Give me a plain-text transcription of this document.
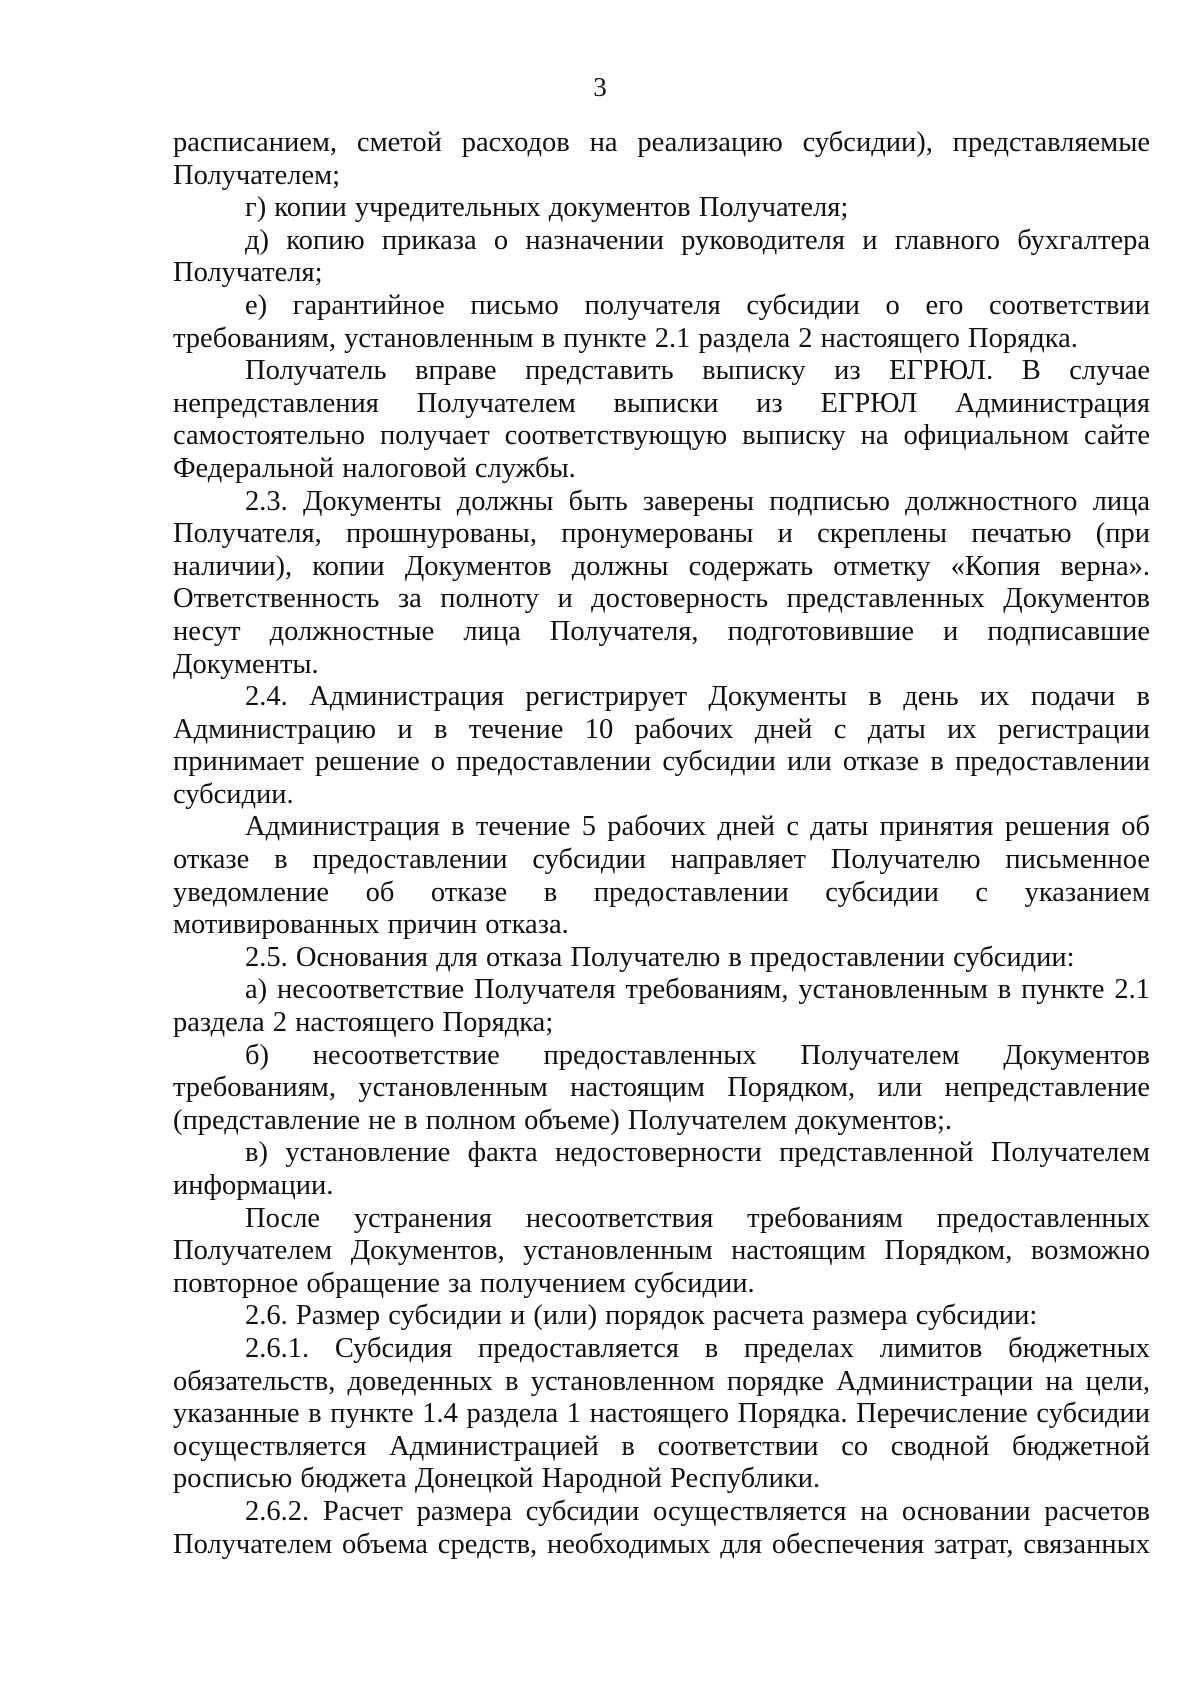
3

расписанием, сметой расходов на реализацию субсидии), представляемые Получателем;

г) копии учредительных документов Получателя;

д) копию приказа о назначении руководителя и главного бухгалтера Получателя;

е) гарантийное письмо получателя субсидии о его соответствии требованиям, установленным в пункте 2.1 раздела 2 настоящего Порядка.

Получатель вправе представить выписку из ЕГРЮЛ. В случае непредставления Получателем выписки из ЕГРЮЛ Администрация самостоятельно получает соответствующую выписку на официальном сайте Федеральной налоговой службы.

2.3. Документы должны быть заверены подписью должностного лица Получателя, прошнурованы, пронумерованы и скреплены печатью (при наличии), копии Документов должны содержать отметку «Копия верна». Ответственность за полноту и достоверность представленных Документов несут должностные лица Получателя, подготовившие и подписавшие Документы.

2.4. Администрация регистрирует Документы в день их подачи в Администрацию и в течение 10 рабочих дней с даты их регистрации принимает решение о предоставлении субсидии или отказе в предоставлении субсидии.

Администрация в течение 5 рабочих дней с даты принятия решения об отказе в предоставлении субсидии направляет Получателю письменное уведомление об отказе в предоставлении субсидии с указанием мотивированных причин отказа.

2.5. Основания для отказа Получателю в предоставлении субсидии:

а) несоответствие Получателя требованиям, установленным в пункте 2.1 раздела 2 настоящего Порядка;

б) несоответствие предоставленных Получателем Документов требованиям, установленным настоящим Порядком, или непредставление (представление не в полном объеме) Получателем документов;.

в) установление факта недостоверности представленной Получателем информации.

После устранения несоответствия требованиям предоставленных Получателем Документов, установленным настоящим Порядком, возможно повторное обращение за получением субсидии.

2.6. Размер субсидии и (или) порядок расчета размера субсидии:

2.6.1. Субсидия предоставляется в пределах лимитов бюджетных обязательств, доведенных в установленном порядке Администрации на цели, указанные в пункте 1.4 раздела 1 настоящего Порядка. Перечисление субсидии осуществляется Администрацией в соответствии со сводной бюджетной росписью бюджета Донецкой Народной Республики.

2.6.2. Расчет размера субсидии осуществляется на основании расчетов Получателем объема средств, необходимых для обеспечения затрат, связанных
